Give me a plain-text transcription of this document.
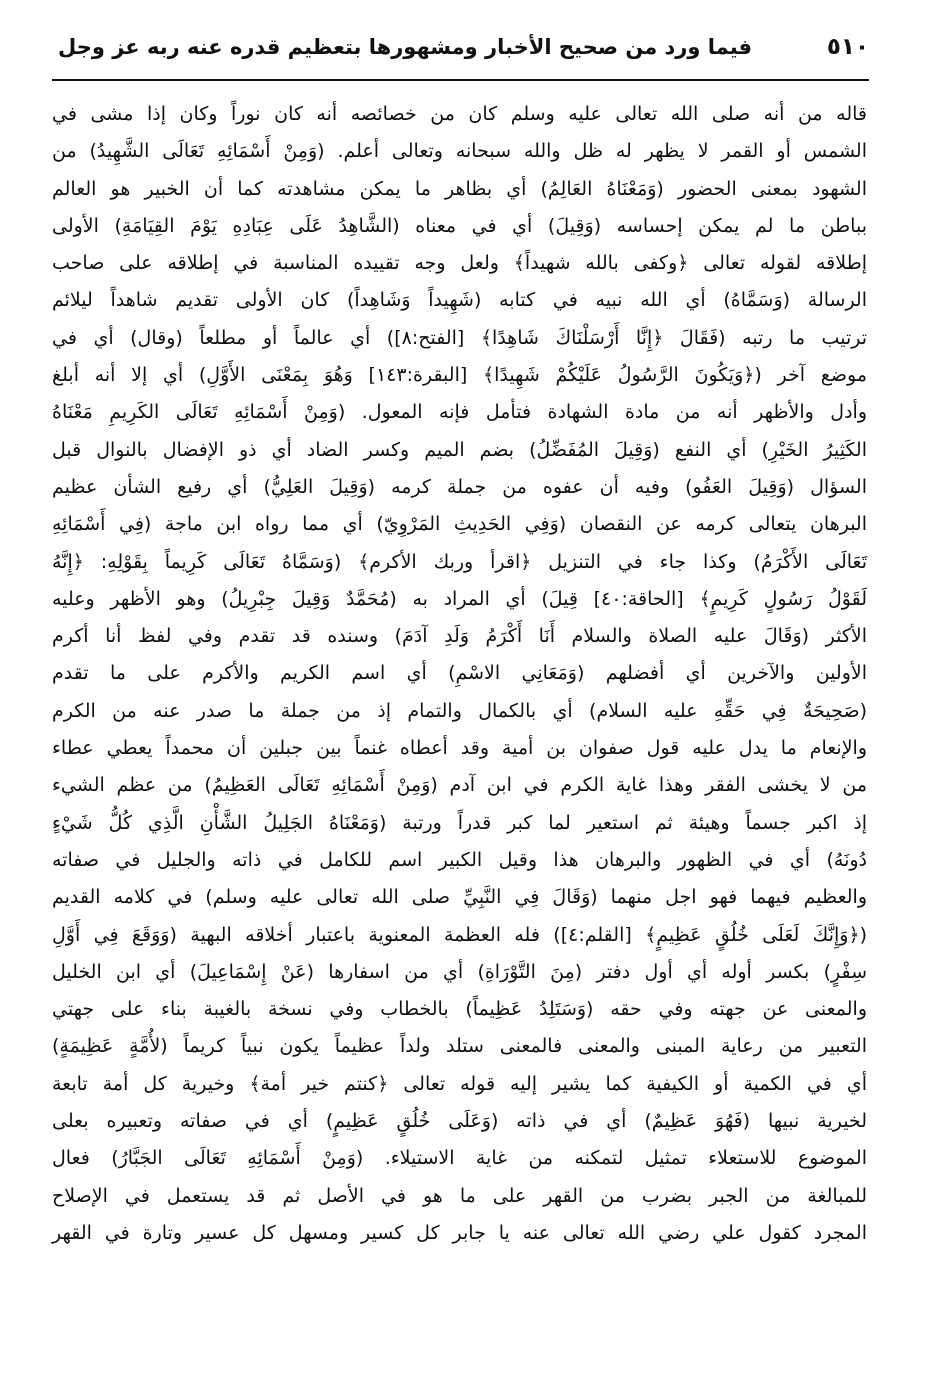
٥١٠
فيما ورد من صحيح الأخبار ومشهورها بتعظيم قدره عنه ربه عز وجل
قاله من أنه صلى الله تعالى عليه وسلم كان من خصائصه أنه كان نوراً وكان إذا مشى في
الشمس أو القمر لا يظهر له ظل والله سبحانه وتعالى أعلم. (وَمِنْ أَسْمَائِهِ تَعَالَى الشَّهِيدُ) من
الشهود بمعنى الحضور (وَمَعْنَاهُ العَالِمُ) أي بظاهر ما يمكن مشاهدته كما أن الخبير هو العالم
بباطن ما لم يمكن إحساسه (وَقِيلَ) أي في معناه (الشَّاهِدُ عَلَى عِبَادِهِ يَوْمَ القِيَامَةِ) الأولى
إطلاقه لقوله تعالى ﴿وكفى بالله شهيداً﴾ ولعل وجه تقييده المناسبة في إطلاقه على صاحب
الرسالة (وَسَمَّاهُ) أي الله نبيه في كتابه (شَهِيداً وَشَاهِداً) كان الأولى تقديم شاهداً ليلائم
ترتيب ما رتبه (فَقَالَ ﴿إِنَّا أَرْسَلْنَاكَ شَاهِدًا﴾ [الفتح:٨]) أي عالماً أو مطلعاً (وقال) أي في
موضع آخر (﴿وَيَكُونَ الرَّسُولُ عَلَيْكُمْ شَهِيدًا﴾ [البقرة:١٤٣] وَهُوَ بِمَعْنَى الأَوَّلِ) أي إلا أنه أبلغ
وأدل والأظهر أنه من مادة الشهادة فتأمل فإنه المعول. (وَمِنْ أَسْمَائِهِ تَعَالَى الكَرِيمِ مَعْنَاهُ
الكَثِيرُ الخَيْرِ) أي النفع (وَقِيلَ المُفَضِّلُ) بضم الميم وكسر الضاد أي ذو الإفضال بالنوال قبل
السؤال (وَقِيلَ العَفُو) وفيه أن عفوه من جملة كرمه (وَقِيلَ العَلِيُّ) أي رفيع الشأن عظيم
البرهان يتعالى كرمه عن النقصان (وَفِي الحَدِيثِ المَرْوِيّ) أي مما رواه ابن ماجة (فِي أَسْمَائِهِ
تَعَالَى الأَكْرَمُ) وكذا جاء في التنزيل ﴿اقرأ وربك الأكرم﴾ (وَسَمَّاهُ تَعَالَى كَرِيماً بِقَوْلِهِ: ﴿إِنَّهُ
لَقَوْلُ رَسُولٍ كَرِيمٍ﴾ [الحاقة:٤٠] قِيلَ) أي المراد به (مُحَمَّدٌ وَقِيلَ جِبْرِيلُ) وهو الأظهر وعليه
الأكثر (وَقَالَ عليه الصلاة والسلام أَنَا أَكْرَمُ وَلَدِ آدَمَ) وسنده قد تقدم وفي لفظ أنا أكرم
الأولين والآخرين أي أفضلهم (وَمَعَانِي الاسْمِ) أي اسم الكريم والأكرم على ما تقدم
(صَحِيحَةٌ فِي حَقِّهِ عليه السلام) أي بالكمال والتمام إذ من جملة ما صدر عنه من الكرم
والإنعام ما يدل عليه قول صفوان بن أمية وقد أعطاه غنماً بين جبلين أن محمداً يعطي عطاء
من لا يخشى الفقر وهذا غاية الكرم في ابن آدم (وَمِنْ أَسْمَائِهِ تَعَالَى العَظِيمُ) من عظم الشيء
إذ اكبر جسماً وهيئة ثم استعير لما كبر قدراً ورتبة (وَمَعْنَاهُ الجَلِيلُ الشَّأْنِ الَّذِي كُلُّ شَيْءٍ
دُونَهُ) أي في الظهور والبرهان هذا وقيل الكبير اسم للكامل في ذاته والجليل في صفاته
والعظيم فيهما فهو اجل منهما (وَقَالَ فِي النَّبِيِّ صلى الله تعالى عليه وسلم) في كلامه القديم
(﴿وَإِنَّكَ لَعَلَى خُلُقٍ عَظِيمٍ﴾ [القلم:٤]) فله العظمة المعنوية باعتبار أخلاقه البهية (وَوَقَعَ فِي أَوَّلِ
سِفْرٍ) بكسر أوله أي أول دفتر (مِنَ التَّوْرَاةِ) أي من اسفارها (عَنْ إِسْمَاعِيلَ) أي ابن الخليل
والمعنى عن جهته وفي حقه (وَسَتَلِدُ عَظِيماً) بالخطاب وفي نسخة بالغيبة بناء على جهتي
التعبير من رعاية المبنى والمعنى فالمعنى ستلد ولداً عظيماً يكون نبياً كريماً (لأُمَّةٍ عَظِيمَةٍ)
أي في الكمية أو الكيفية كما يشير إليه قوله تعالى ﴿كنتم خير أمة﴾ وخيرية كل أمة تابعة
لخيرية نبيها (فَهُوَ عَظِيمٌ) أي في ذاته (وَعَلَى خُلُقٍ عَظِيمٍ) أي في صفاته وتعبيره بعلى
الموضوع للاستعلاء تمثيل لتمكنه من غاية الاستيلاء. (وَمِنْ أَسْمَائِهِ تَعَالَى الجَبَّارُ) فعال
للمبالغة من الجبر بضرب من القهر على ما هو في الأصل ثم قد يستعمل في الإصلاح
المجرد كقول علي رضي الله تعالى عنه يا جابر كل كسير ومسهل كل عسير وتارة في القهر
